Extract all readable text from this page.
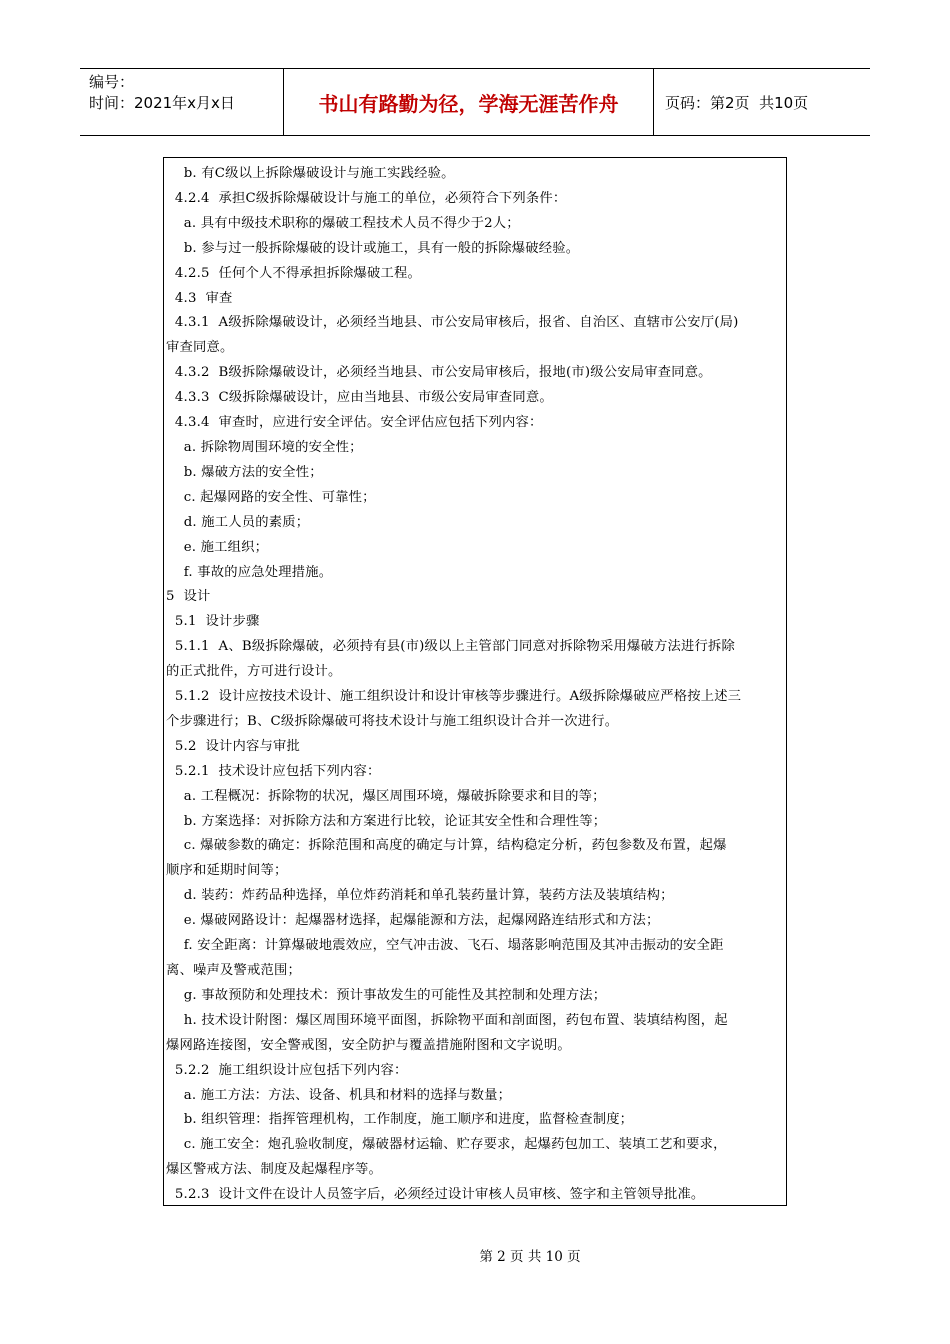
编号：
时间：2021年x月x日	书山有路勤为径，学海无涯苦作舟	页码：第2页  共10页
b. 有C级以上拆除爆破设计与施工实践经验。
4.2.4  承担C级拆除爆破设计与施工的单位，必须符合下列条件：
a. 具有中级技术职称的爆破工程技术人员不得少于2人；
b. 参与过一般拆除爆破的设计或施工，具有一般的拆除爆破经验。
4.2.5  任何个人不得承担拆除爆破工程。
4.3  审查
4.3.1  A级拆除爆破设计，必须经当地县、市公安局审核后，报省、自治区、直辖市公安厅(局)
审查同意。
4.3.2  B级拆除爆破设计，必须经当地县、市公安局审核后，报地(市)级公安局审查同意。
4.3.3  C级拆除爆破设计，应由当地县、市级公安局审查同意。
4.3.4  审查时，应进行安全评估。安全评估应包括下列内容：
a. 拆除物周围环境的安全性；
b. 爆破方法的安全性；
c. 起爆网路的安全性、可靠性；
d. 施工人员的素质；
e. 施工组织；
f. 事故的应急处理措施。
5  设计
5.1  设计步骤
5.1.1  A、B级拆除爆破，必须持有县(市)级以上主管部门同意对拆除物采用爆破方法进行拆除
的正式批件，方可进行设计。
5.1.2  设计应按技术设计、施工组织设计和设计审核等步骤进行。A级拆除爆破应严格按上述三
个步骤进行；B、C级拆除爆破可将技术设计与施工组织设计合并一次进行。
5.2  设计内容与审批
5.2.1  技术设计应包括下列内容：
a. 工程概况：拆除物的状况，爆区周围环境，爆破拆除要求和目的等；
b. 方案选择：对拆除方法和方案进行比较，论证其安全性和合理性等；
c. 爆破参数的确定：拆除范围和高度的确定与计算，结构稳定分析，药包参数及布置，起爆
顺序和延期时间等；
d. 装药：炸药品种选择，单位炸药消耗和单孔装药量计算，装药方法及装填结构；
e. 爆破网路设计：起爆器材选择，起爆能源和方法，起爆网路连结形式和方法；
f. 安全距离：计算爆破地震效应，空气冲击波、飞石、塌落影响范围及其冲击振动的安全距
离、噪声及警戒范围；
g. 事故预防和处理技术：预计事故发生的可能性及其控制和处理方法；
h. 技术设计附图：爆区周围环境平面图，拆除物平面和剖面图，药包布置、装填结构图，起
爆网路连接图，安全警戒图，安全防护与覆盖措施附图和文字说明。
5.2.2  施工组织设计应包括下列内容：
a. 施工方法：方法、设备、机具和材料的选择与数量；
b. 组织管理：指挥管理机构，工作制度，施工顺序和进度，监督检查制度；
c. 施工安全：炮孔验收制度，爆破器材运输、贮存要求，起爆药包加工、装填工艺和要求，
爆区警戒方法、制度及起爆程序等。
5.2.3  设计文件在设计人员签字后，必须经过设计审核人员审核、签字和主管领导批准。
第 2 页 共 10 页
